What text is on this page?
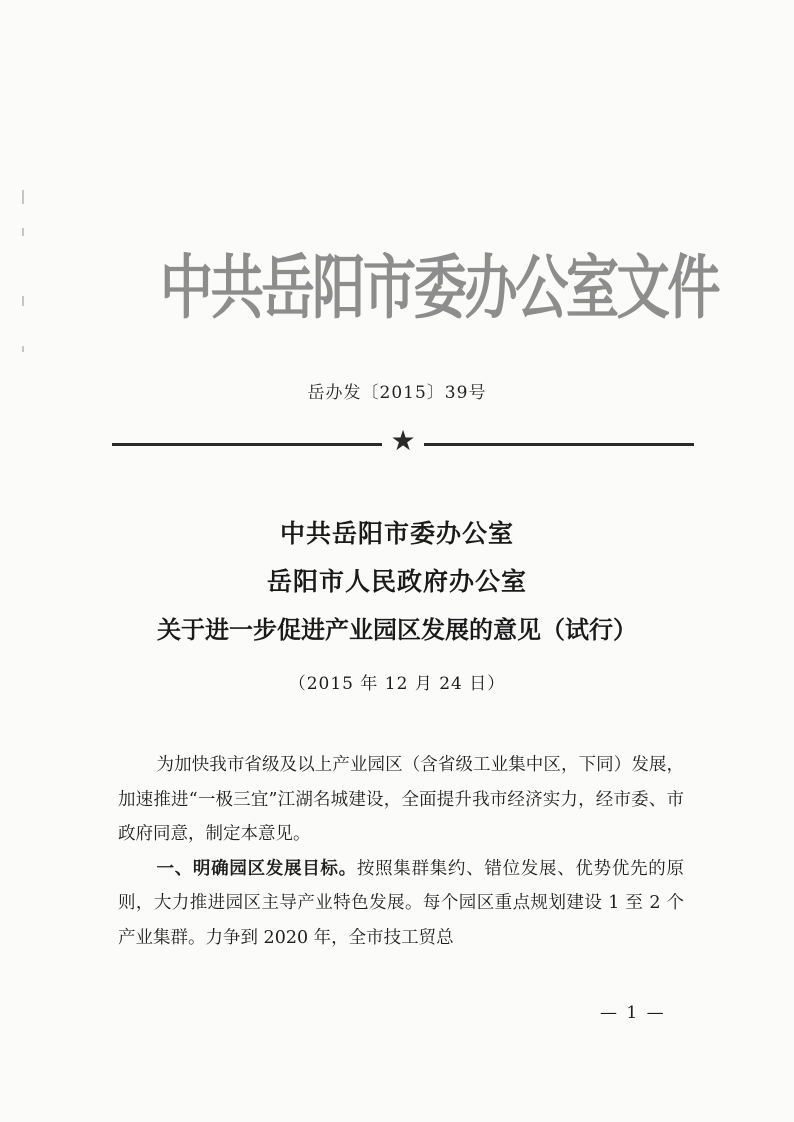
中共岳阳市委办公室文件
岳办发〔2015〕39号
★
中共岳阳市委办公室
岳阳市人民政府办公室
关于进一步促进产业园区发展的意见（试行）
（2015 年 12 月 24 日）

为加快我市省级及以上产业园区（含省级工业集中区，下同）发展，加速推进“一极三宜”江湖名城建设，全面提升我市经济实力，经市委、市政府同意，制定本意见。

一、明确园区发展目标。按照集群集约、错位发展、优势优先的原则，大力推进园区主导产业特色发展。每个园区重点规划建设 1 至 2 个产业集群。力争到 2020 年，全市技工贸总

— 1 —
